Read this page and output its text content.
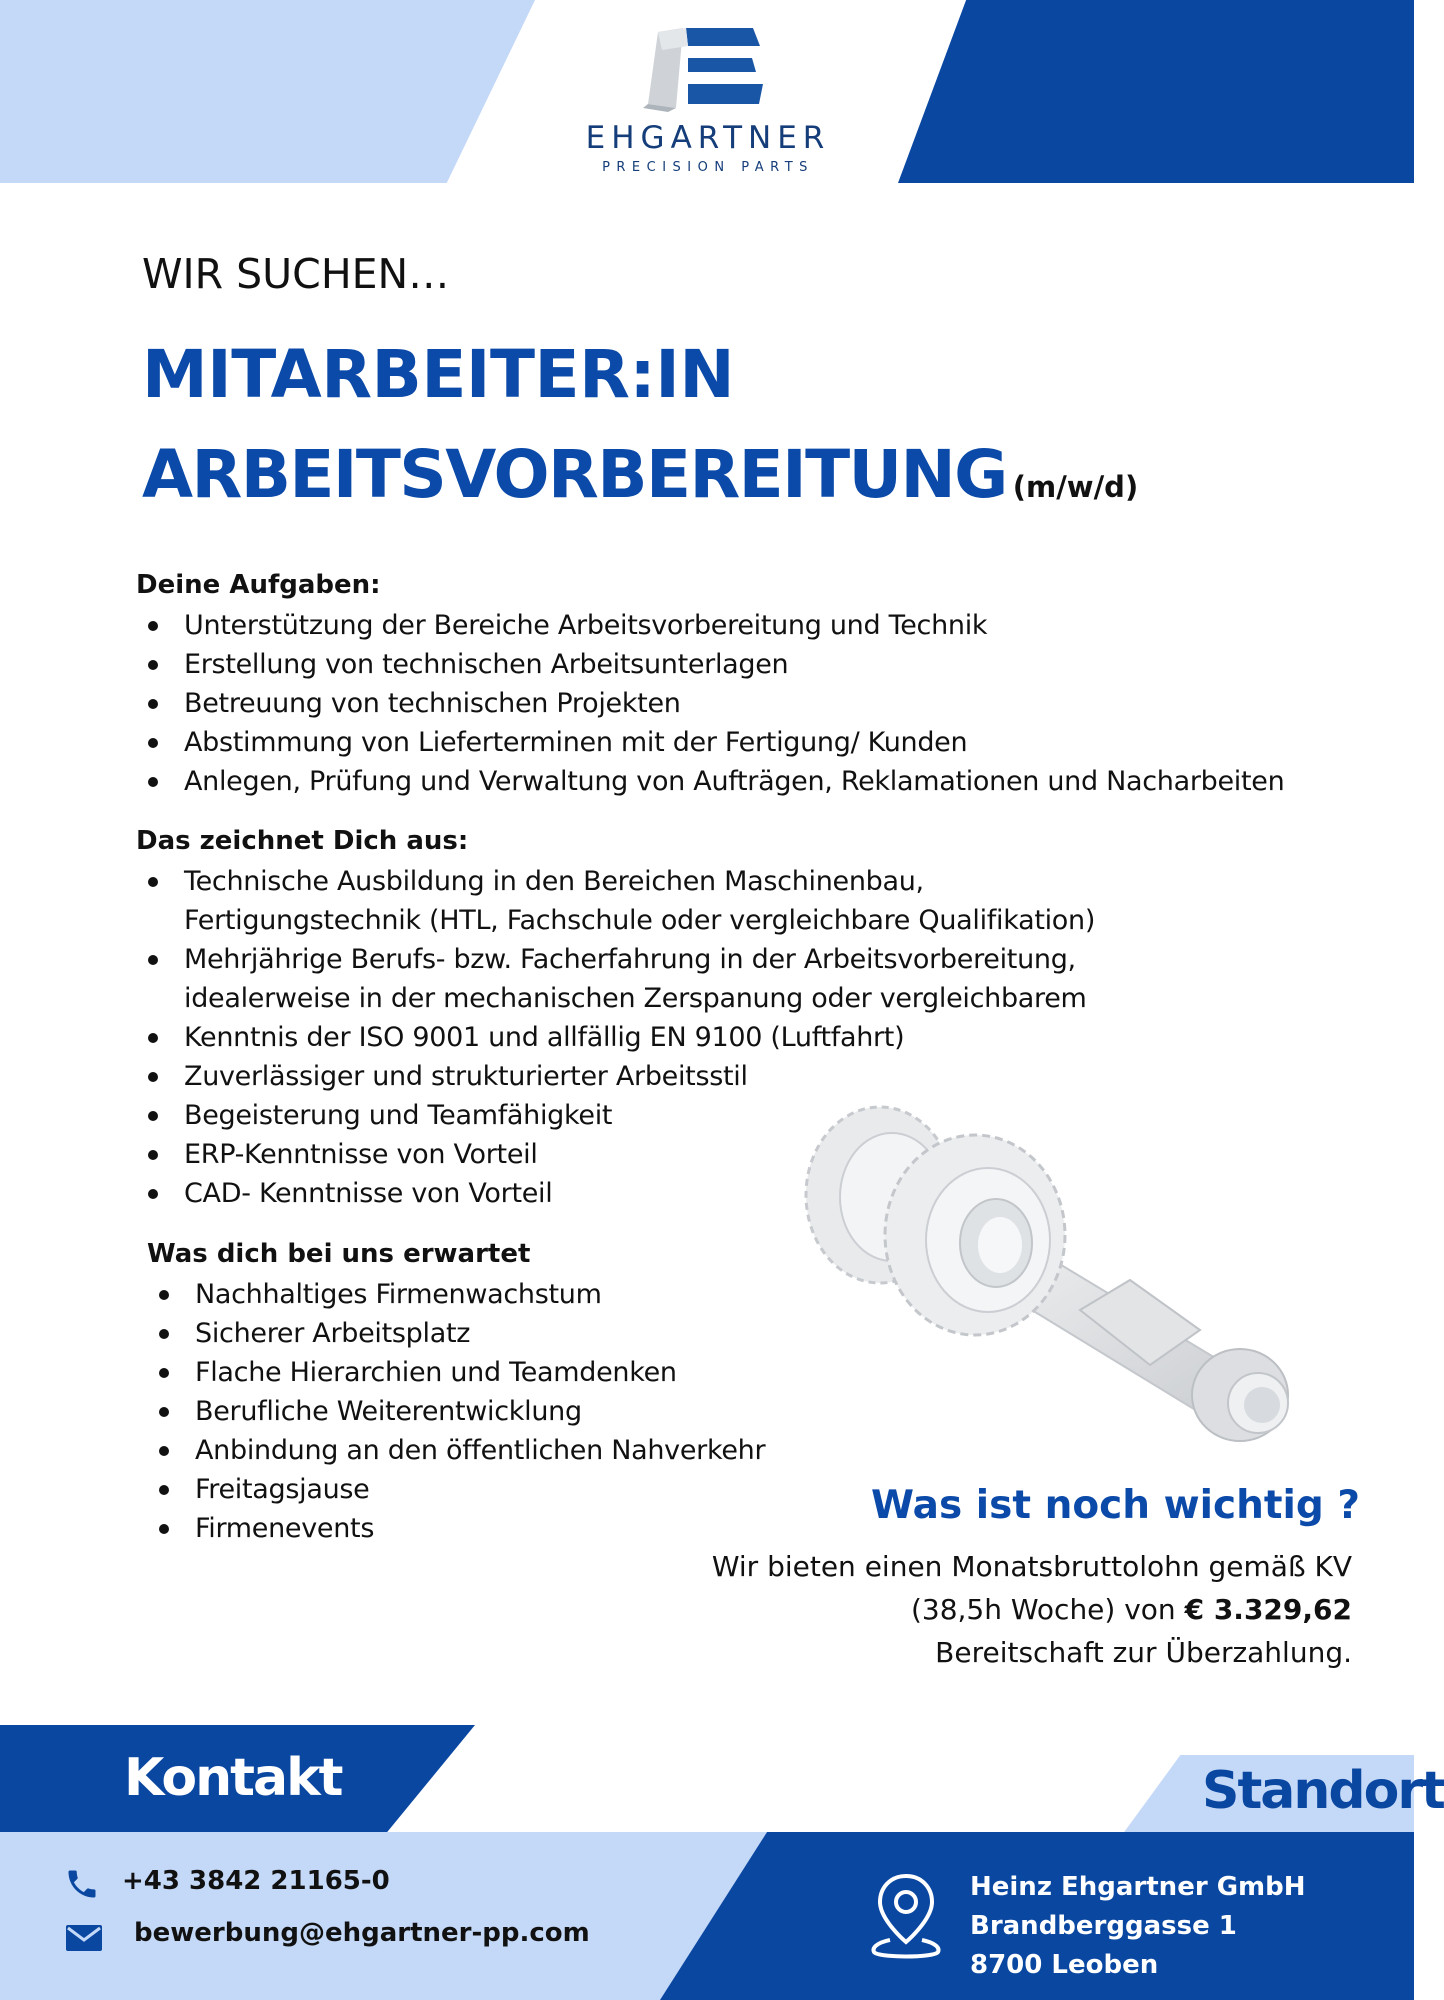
EHGARTNER
PRECISION PARTS
WIR SUCHEN…
MITARBEITER:IN
ARBEITSVORBEREITUNG (m/w/d)
Deine Aufgaben:
Unterstützung der Bereiche Arbeitsvorbereitung und Technik
Erstellung von technischen Arbeitsunterlagen
Betreuung von technischen Projekten
Abstimmung von Lieferterminen mit der Fertigung/ Kunden
Anlegen, Prüfung und Verwaltung von Aufträgen, Reklamationen und Nacharbeiten
Das zeichnet Dich aus:
Technische Ausbildung in den Bereichen Maschinenbau,
Fertigungstechnik (HTL, Fachschule oder vergleichbare Qualifikation)
Mehrjährige Berufs- bzw. Facherfahrung in der Arbeitsvorbereitung,
idealerweise in der mechanischen Zerspanung oder vergleichbarem
Kenntnis der ISO 9001 und allfällig EN 9100 (Luftfahrt)
Zuverlässiger und strukturierter Arbeitsstil
Begeisterung und Teamfähigkeit
ERP-Kenntnisse von Vorteil
CAD- Kenntnisse von Vorteil
Was dich bei uns erwartet
Nachhaltiges Firmenwachstum
Sicherer Arbeitsplatz
Flache Hierarchien und Teamdenken
Berufliche Weiterentwicklung
Anbindung an den öffentlichen Nahverkehr
Freitagsjause
Firmenevents
Was ist noch wichtig ?
Wir bieten einen Monatsbruttolohn gemäß KV
(38,5h Woche) von € 3.329,62
Bereitschaft zur Überzahlung.
Kontakt	Standort
+43 3842 21165-0
bewerbung@ehgartner-pp.com
Heinz Ehgartner GmbH
Brandberggasse 1
8700 Leoben
